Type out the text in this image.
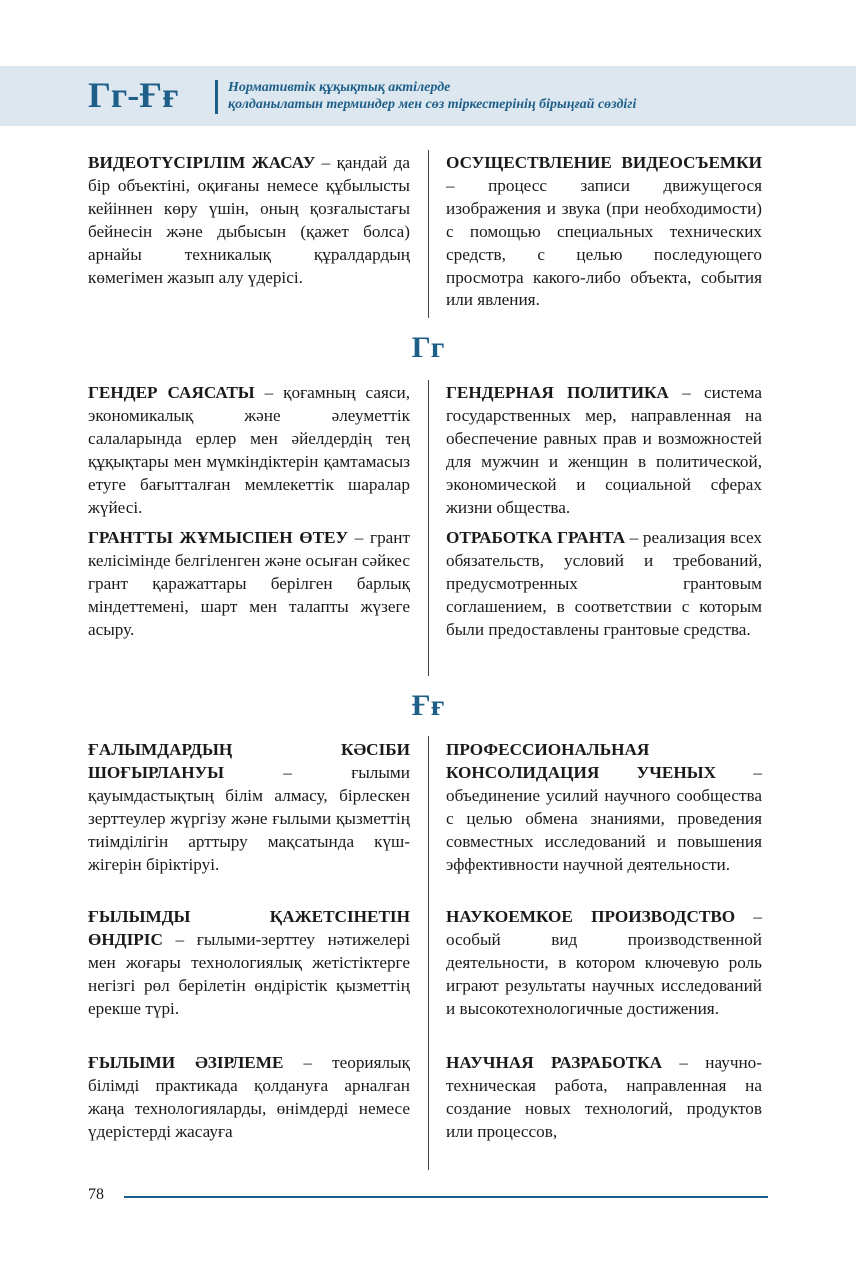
Гг-Ғғ	Нормативтік құқықтық актілерде
қолданылатын терминдер мен сөз тіркестерінің бірыңғай сөздігі

ВИДЕОТҮСІРІЛІМ ЖАСАУ – қандай да бір объектіні, оқиғаны немесе құбылысты кейіннен көру үшін, оның қозғалыстағы бейнесін және дыбысын (қажет болса) арнайы техникалық құралдардың көмегімен жазып алу үдерісі.

ОСУЩЕСТВЛЕНИЕ ВИДЕОСЪЕМКИ – процесс записи движущегося изображения и звука (при необходимости) с помощью специальных технических средств, с целью последующего просмотра какого-либо объекта, события или явления.

Гг

ГЕНДЕР САЯСАТЫ – қоғамның саяси, экономикалық және әлеуметтік салаларында ерлер мен әйелдердің тең құқықтары мен мүмкіндіктерін қамтамасыз етуге бағытталған мемлекеттік шаралар жүйесі.

ГЕНДЕРНАЯ ПОЛИТИКА – система государственных мер, направленная на обеспечение равных прав и возможностей для мужчин и женщин в политической, экономической и социальной сферах жизни общества.

ГРАНТТЫ ЖҰМЫСПЕН ӨТЕУ – грант келісімінде белгіленген және осыған сәйкес грант қаражаттары берілген барлық міндеттемені, шарт мен талапты жүзеге асыру.

ОТРАБОТКА ГРАНТА – реализация всех обязательств, условий и требований, предусмотренных грантовым соглашением, в соответствии с которым были предоставлены грантовые средства.

Ғғ

ҒАЛЫМДАРДЫҢ КӘСІБИ ШОҒЫРЛАНУЫ – ғылыми қауымдастықтың білім алмасу, бірлескен зерттеулер жүргізу және ғылыми қызметтің тиімділігін арттыру мақсатында күш-жігерін біріктіруі.

ПРОФЕССИОНАЛЬНАЯ КОНСОЛИДАЦИЯ УЧЕНЫХ – объединение усилий научного сообщества с целью обмена знаниями, проведения совместных исследований и повышения эффективности научной деятельности.

ҒЫЛЫМДЫ ҚАЖЕТСІНЕТІН ӨНДІРІС – ғылыми-зерттеу нәтижелері мен жоғары технологиялық жетістіктерге негізгі рөл берілетін өндірістік қызметтің ерекше түрі.

НАУКОЕМКОЕ ПРОИЗВОДСТВО – особый вид производственной деятельности, в котором ключевую роль играют результаты научных исследований и высокотехнологичные достижения.

ҒЫЛЫМИ ӘЗІРЛЕМЕ – теориялық білімді практикада қолдануға арналған жаңа технологияларды, өнімдерді немесе үдерістерді жасауға

НАУЧНАЯ РАЗРАБОТКА – научно-техническая работа, направленная на создание новых технологий, продуктов или процессов,

78
